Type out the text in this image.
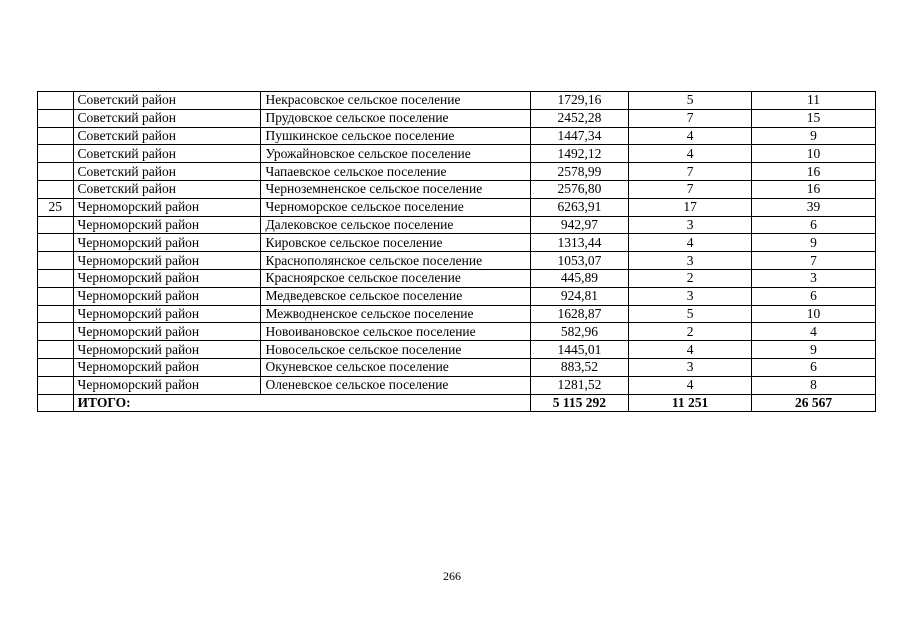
	Советский район	Некрасовское сельское поселение	1729,16	5	11
	Советский район	Прудовское сельское поселение	2452,28	7	15
	Советский район	Пушкинское сельское поселение	1447,34	4	9
	Советский район	Урожайновское сельское поселение	1492,12	4	10
	Советский район	Чапаевское сельское поселение	2578,99	7	16
	Советский район	Черноземненское сельское поселение	2576,80	7	16
25	Черноморский район	Черноморское сельское поселение	6263,91	17	39
	Черноморский район	Далековское сельское поселение	942,97	3	6
	Черноморский район	Кировское сельское поселение	1313,44	4	9
	Черноморский район	Краснополянское сельское поселение	1053,07	3	7
	Черноморский район	Красноярское сельское поселение	445,89	2	3
	Черноморский район	Медведевское сельское поселение	924,81	3	6
	Черноморский район	Межводненское сельское поселение	1628,87	5	10
	Черноморский район	Новоивановское сельское поселение	582,96	2	4
	Черноморский район	Новосельское сельское поселение	1445,01	4	9
	Черноморский район	Окуневское сельское поселение	883,52	3	6
	Черноморский район	Оленевское сельское поселение	1281,52	4	8
	ИТОГО:		5 115 292	11 251	26 567
266
